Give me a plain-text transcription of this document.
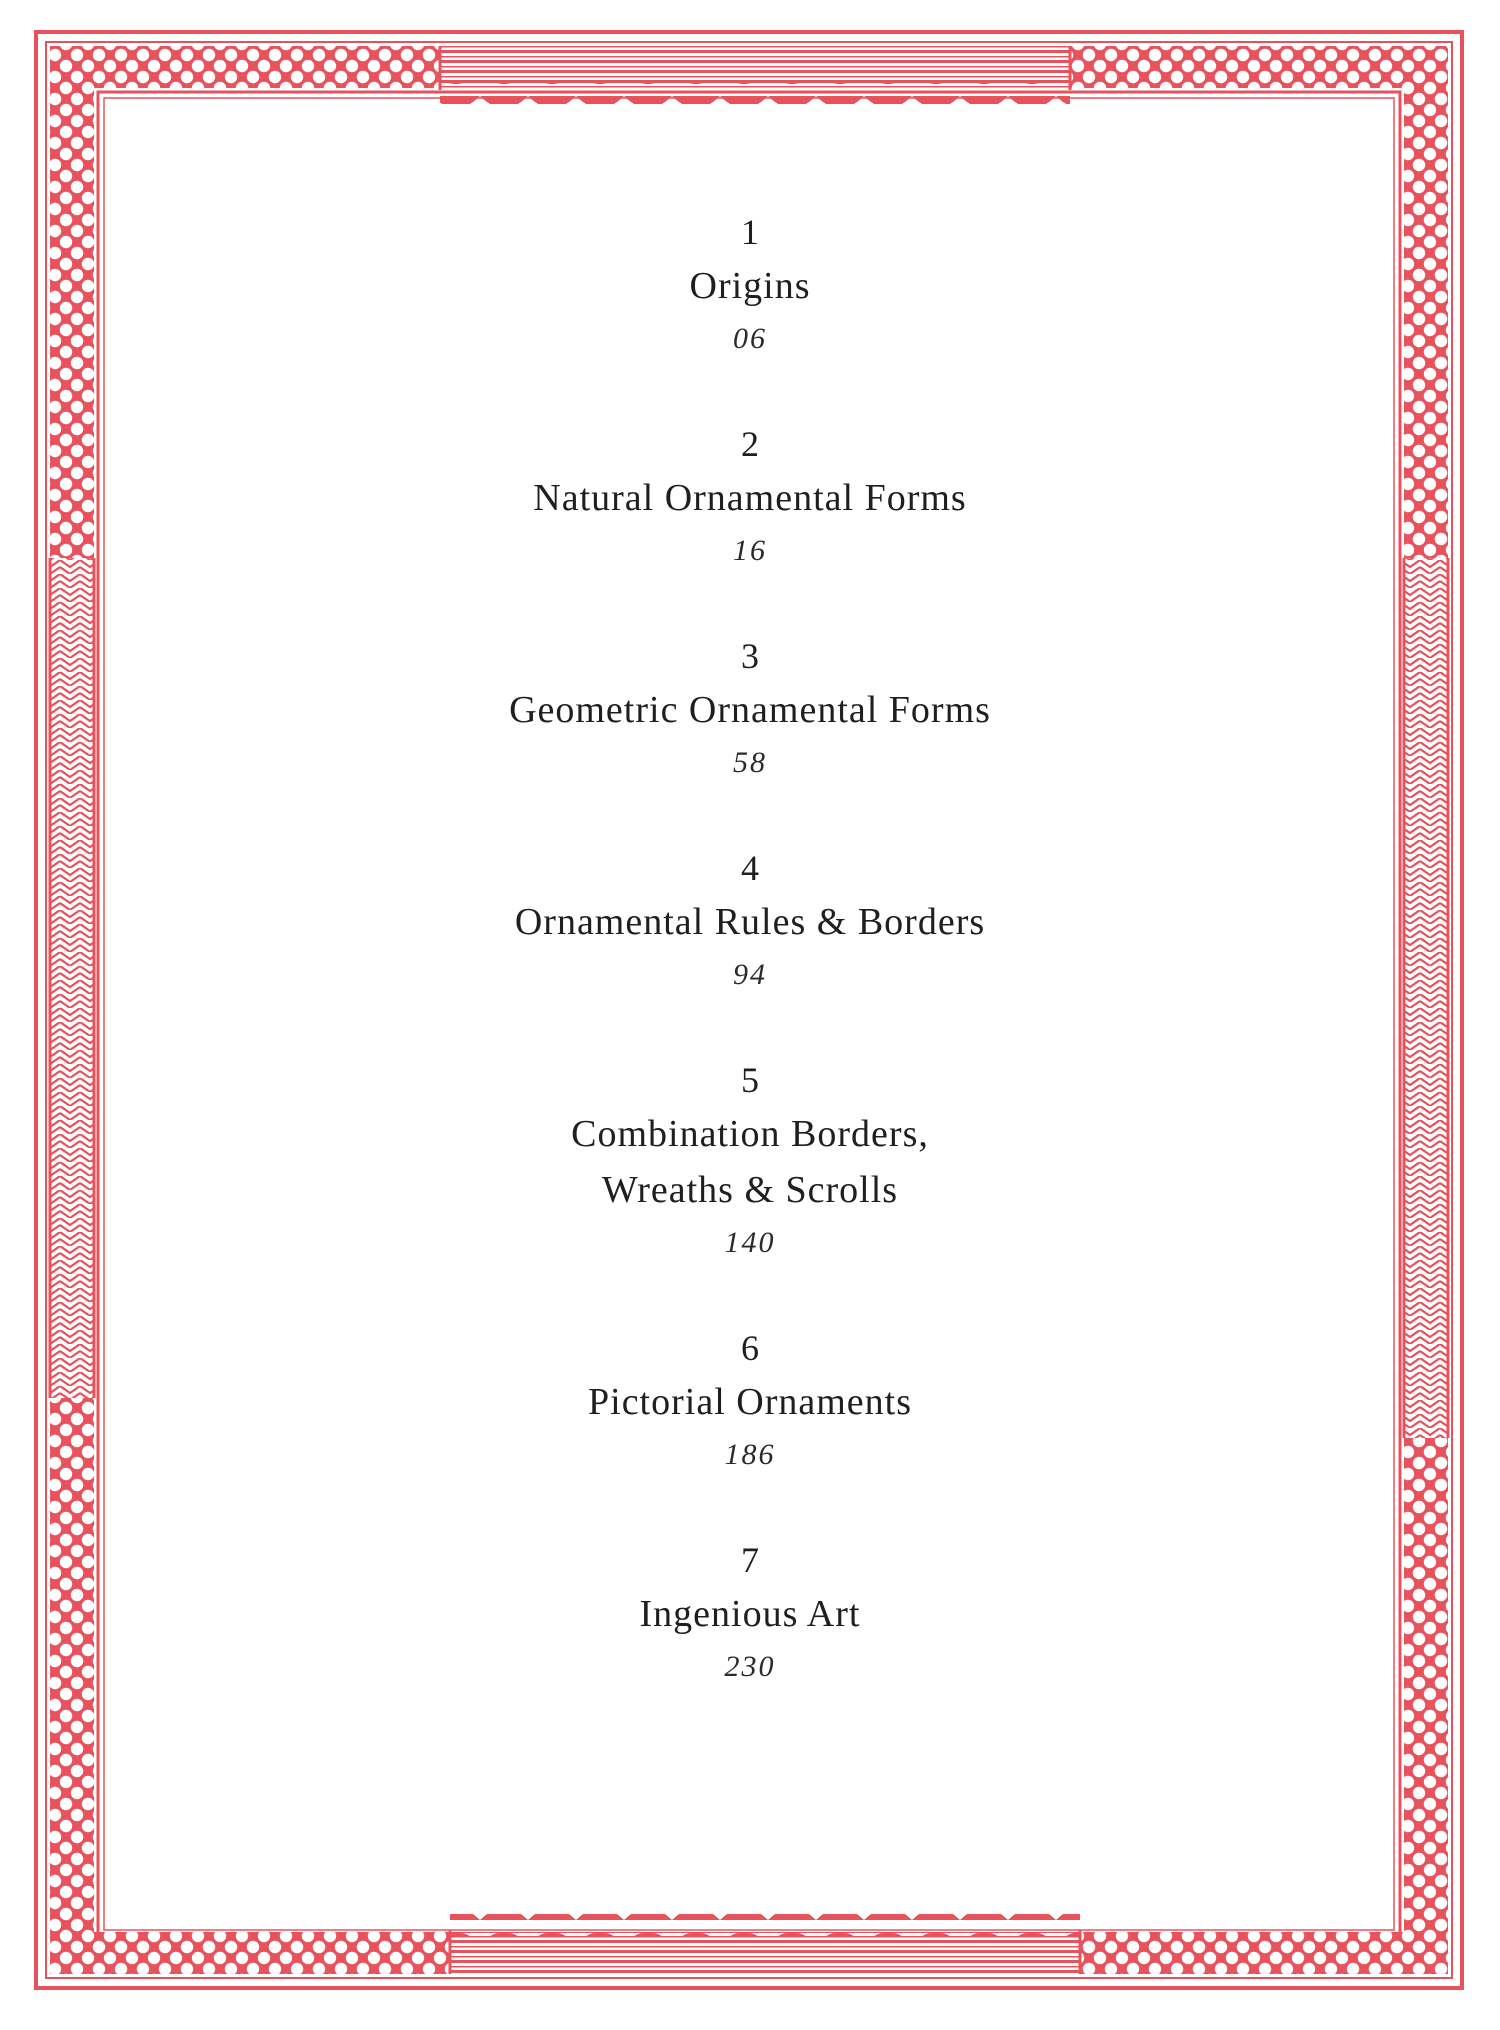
1
Origins
06
2
Natural Ornamental Forms
16
3
Geometric Ornamental Forms
58
4
Ornamental Rules & Borders
94
5
Combination Borders,
Wreaths & Scrolls
140
6
Pictorial Ornaments
186
7
Ingenious Art
230
